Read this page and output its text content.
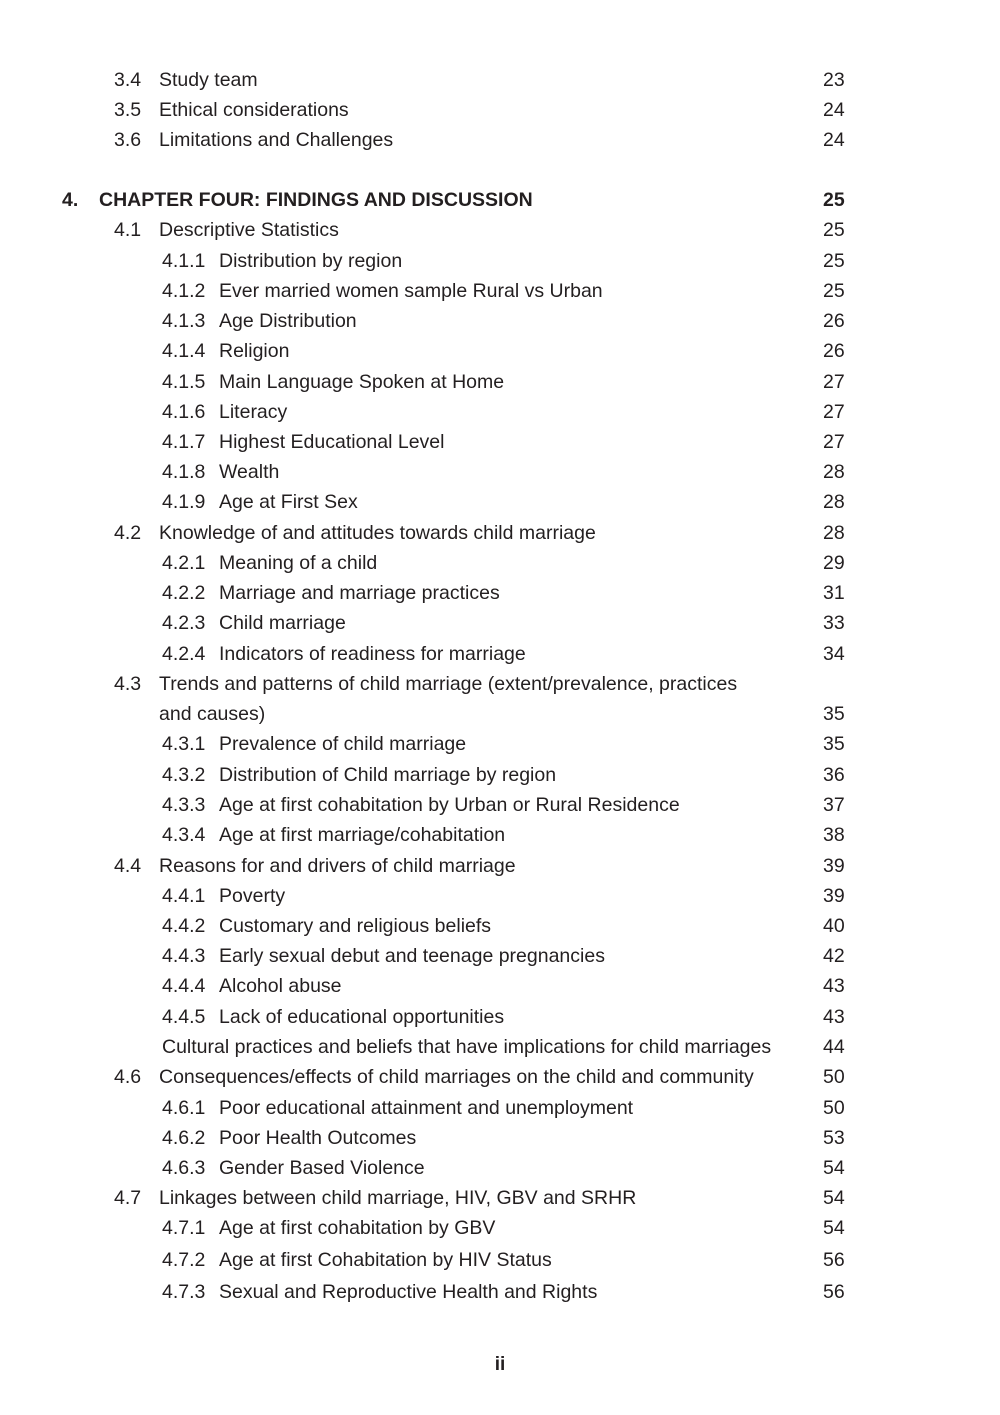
3.4 Study team	23
3.5 Ethical considerations	24
3.6 Limitations and Challenges	24
4. CHAPTER FOUR: FINDINGS AND DISCUSSION	25
4.1 Descriptive Statistics	25
4.1.1 Distribution by region	25
4.1.2 Ever married women sample Rural vs Urban	25
4.1.3 Age Distribution	26
4.1.4 Religion	26
4.1.5 Main Language Spoken at Home	27
4.1.6 Literacy	27
4.1.7 Highest Educational Level	27
4.1.8 Wealth	28
4.1.9 Age at First Sex	28
4.2 Knowledge of and attitudes towards child marriage	28
4.2.1 Meaning of a child	29
4.2.2 Marriage and marriage practices	31
4.2.3 Child marriage	33
4.2.4 Indicators of readiness for marriage	34
4.3 Trends and patterns of child marriage (extent/prevalence, practices
and causes)	35
4.3.1 Prevalence of child marriage	35
4.3.2 Distribution of Child marriage by region	36
4.3.3 Age at first cohabitation by Urban or Rural Residence	37
4.3.4 Age at first marriage/cohabitation	38
4.4 Reasons for and drivers of child marriage	39
4.4.1 Poverty	39
4.4.2 Customary and religious beliefs	40
4.4.3 Early sexual debut and teenage pregnancies	42
4.4.4 Alcohol abuse	43
4.4.5 Lack of educational opportunities	43
Cultural practices and beliefs that have implications for child marriages	44
4.6 Consequences/effects of child marriages on the child and community	50
4.6.1 Poor educational attainment and unemployment	50
4.6.2 Poor Health Outcomes	53
4.6.3 Gender Based Violence	54
4.7 Linkages between child marriage, HIV, GBV and SRHR	54
4.7.1 Age at first cohabitation by GBV	54
4.7.2 Age at first Cohabitation by HIV Status	56
4.7.3 Sexual and Reproductive Health and Rights	56
ii
